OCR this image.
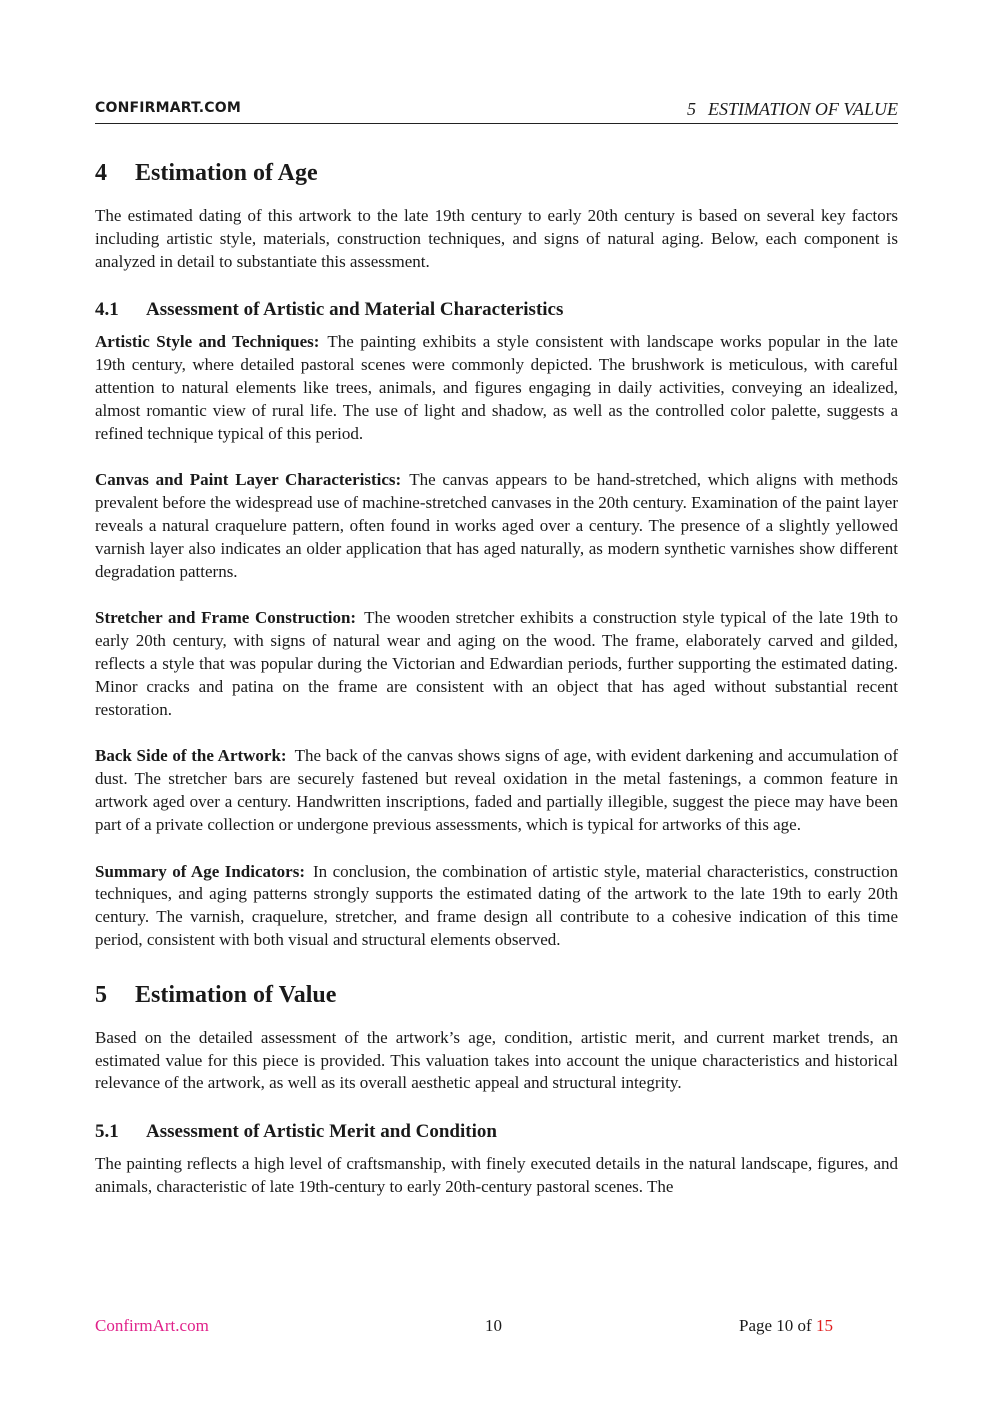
CONFIRMART.COM	5 ESTIMATION OF VALUE
4 Estimation of Age

The estimated dating of this artwork to the late 19th century to early 20th century is based on several key factors including artistic style, materials, construction techniques, and signs of natural aging. Below, each component is analyzed in detail to substantiate this assessment.

4.1 Assessment of Artistic and Material Characteristics

Artistic Style and Techniques: The painting exhibits a style consistent with landscape works popular in the late 19th century, where detailed pastoral scenes were commonly depicted. The brushwork is meticulous, with careful attention to natural elements like trees, animals, and figures engaging in daily activities, conveying an idealized, almost romantic view of rural life. The use of light and shadow, as well as the controlled color palette, suggests a refined technique typical of this period.

Canvas and Paint Layer Characteristics: The canvas appears to be hand-stretched, which aligns with methods prevalent before the widespread use of machine-stretched canvases in the 20th century. Examination of the paint layer reveals a natural craquelure pattern, often found in works aged over a century. The presence of a slightly yellowed varnish layer also indicates an older application that has aged naturally, as modern synthetic varnishes show different degradation patterns.

Stretcher and Frame Construction: The wooden stretcher exhibits a construction style typical of the late 19th to early 20th century, with signs of natural wear and aging on the wood. The frame, elaborately carved and gilded, reflects a style that was popular during the Victorian and Edwardian periods, further supporting the estimated dating. Minor cracks and patina on the frame are consistent with an object that has aged without substantial recent restoration.

Back Side of the Artwork: The back of the canvas shows signs of age, with evident darkening and accumulation of dust. The stretcher bars are securely fastened but reveal oxidation in the metal fastenings, a common feature in artwork aged over a century. Handwritten inscriptions, faded and partially illegible, suggest the piece may have been part of a private collection or undergone previous assessments, which is typical for artworks of this age.

Summary of Age Indicators: In conclusion, the combination of artistic style, material characteristics, construction techniques, and aging patterns strongly supports the estimated dating of the artwork to the late 19th to early 20th century. The varnish, craquelure, stretcher, and frame design all contribute to a cohesive indication of this time period, consistent with both visual and structural elements observed.

5 Estimation of Value

Based on the detailed assessment of the artwork’s age, condition, artistic merit, and current market trends, an estimated value for this piece is provided. This valuation takes into account the unique characteristics and historical relevance of the artwork, as well as its overall aesthetic appeal and structural integrity.

5.1 Assessment of Artistic Merit and Condition

The painting reflects a high level of craftsmanship, with finely executed details in the natural landscape, figures, and animals, characteristic of late 19th-century to early 20th-century pastoral scenes. The

ConfirmArt.com	10	Page 10 of 15
